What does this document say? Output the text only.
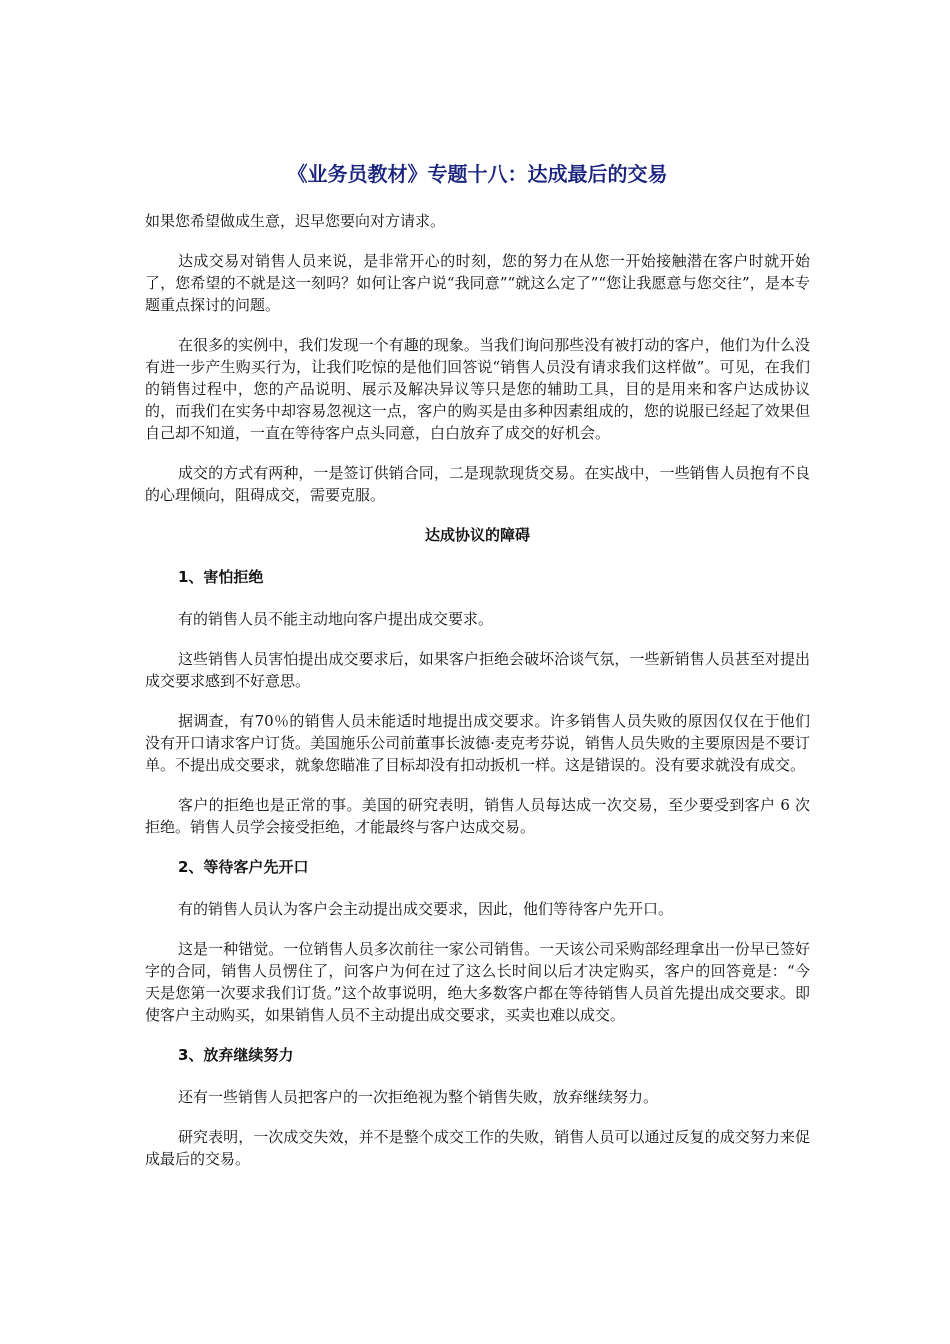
《业务员教材》专题十八：达成最后的交易

如果您希望做成生意，迟早您要向对方请求。

达成交易对销售人员来说，是非常开心的时刻，您的努力在从您一开始接触潜在客户时就开始了，您希望的不就是这一刻吗？如何让客户说“我同意”“就这么定了”“您让我愿意与您交往”，是本专题重点探讨的问题。

在很多的实例中，我们发现一个有趣的现象。当我们询问那些没有被打动的客户，他们为什么没有进一步产生购买行为，让我们吃惊的是他们回答说“销售人员没有请求我们这样做”。可见，在我们的销售过程中，您的产品说明、展示及解决异议等只是您的辅助工具，目的是用来和客户达成协议的，而我们在实务中却容易忽视这一点，客户的购买是由多种因素组成的，您的说服已经起了效果但自己却不知道，一直在等待客户点头同意，白白放弃了成交的好机会。

成交的方式有两种，一是签订供销合同，二是现款现货交易。在实战中，一些销售人员抱有不良的心理倾向，阻碍成交，需要克服。

达成协议的障碍
1、害怕拒绝

有的销售人员不能主动地向客户提出成交要求。

这些销售人员害怕提出成交要求后，如果客户拒绝会破坏洽谈气氛，一些新销售人员甚至对提出成交要求感到不好意思。

据调查，有70％的销售人员未能适时地提出成交要求。许多销售人员失败的原因仅仅在于他们没有开口请求客户订货。美国施乐公司前董事长波德·麦克考芬说，销售人员失败的主要原因是不要订单。不提出成交要求，就象您瞄准了目标却没有扣动扳机一样。这是错误的。没有要求就没有成交。

客户的拒绝也是正常的事。美国的研究表明，销售人员每达成一次交易，至少要受到客户 6 次拒绝。销售人员学会接受拒绝，才能最终与客户达成交易。

2、等待客户先开口

有的销售人员认为客户会主动提出成交要求，因此，他们等待客户先开口。

这是一种错觉。一位销售人员多次前往一家公司销售。一天该公司采购部经理拿出一份早已签好字的合同，销售人员愣住了，问客户为何在过了这么长时间以后才决定购买，客户的回答竟是：“今天是您第一次要求我们订货。”这个故事说明，绝大多数客户都在等待销售人员首先提出成交要求。即使客户主动购买，如果销售人员不主动提出成交要求，买卖也难以成交。

3、放弃继续努力

还有一些销售人员把客户的一次拒绝视为整个销售失败，放弃继续努力。

研究表明，一次成交失效，并不是整个成交工作的失败，销售人员可以通过反复的成交努力来促成最后的交易。
